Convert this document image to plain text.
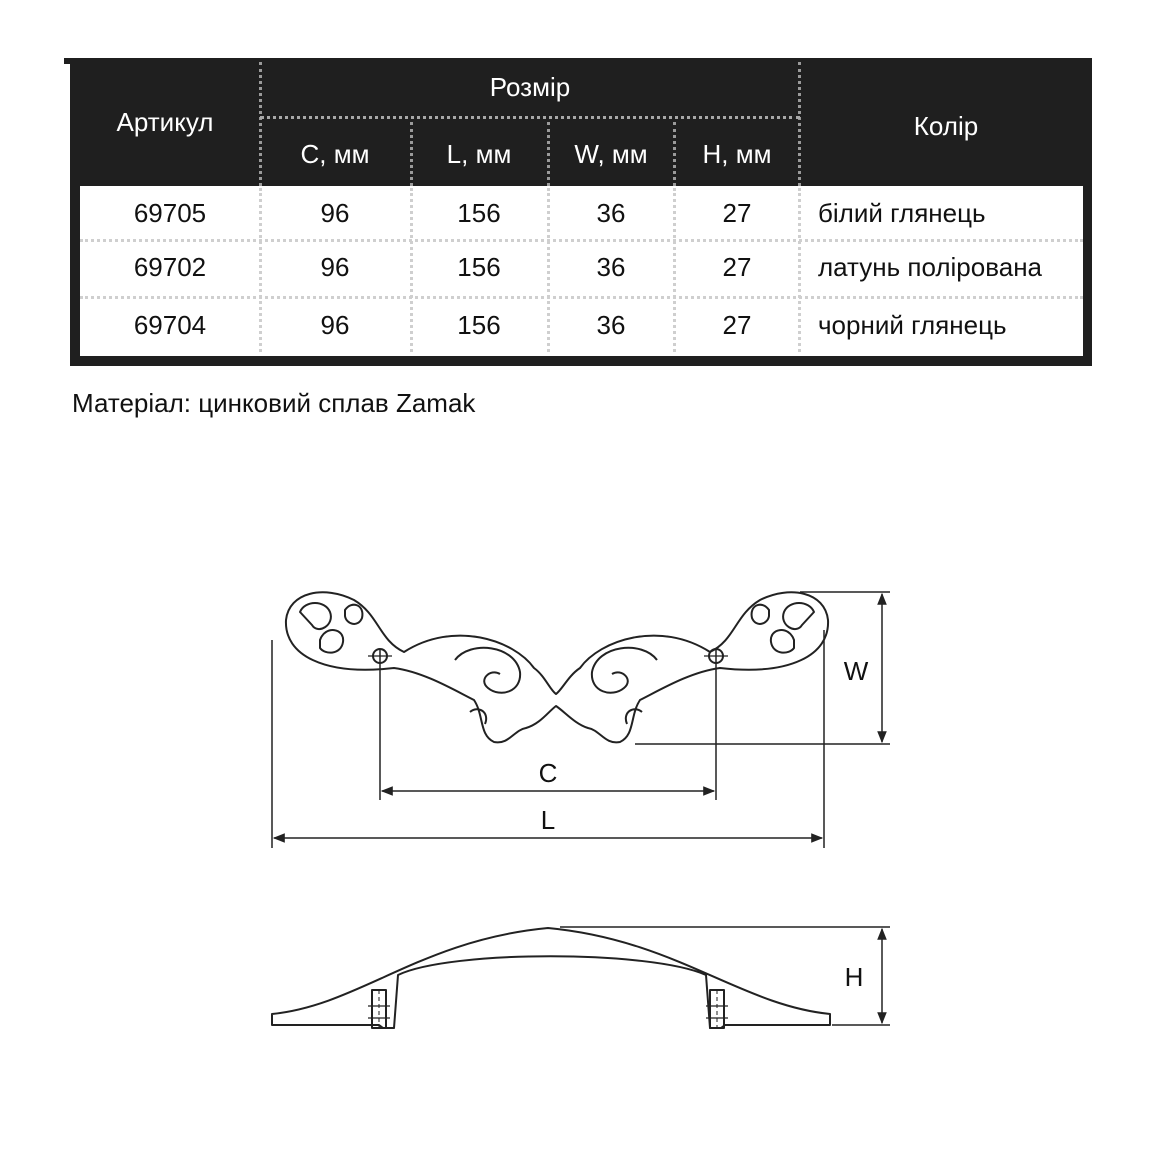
Артикул
Розмір
Колір
C, мм	L, мм	W, мм	H, мм
69705	96	156	36	27	білий глянець
69702	96	156	36	27	латунь полірована
69704	96	156	36	27	чорний глянець
Матеріал: цинковий сплав Zamak
W
C
L
H
